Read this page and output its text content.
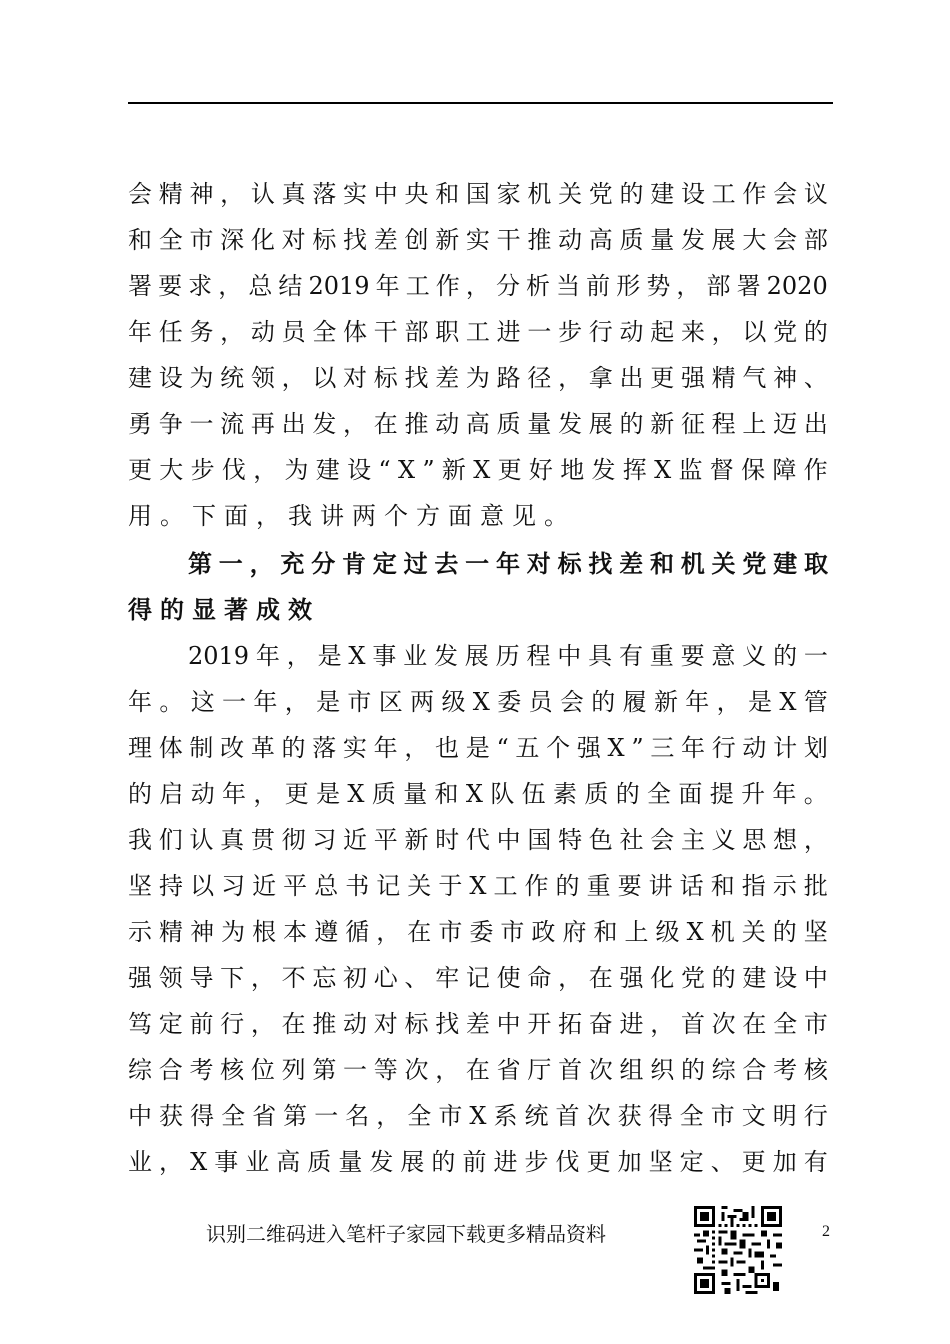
会 精 神 ， 认 真 落 实 中 央 和 国 家 机 关 党 的 建 设 工 作 会 议
和 全 市 深 化 对 标 找 差 创 新 实 干 推 动 高 质 量 发 展 大 会 部
署 要 求 ， 总 结 2019 年 工 作 ， 分 析 当 前 形 势 ， 部 署 2020
年 任 务 ， 动 员 全 体 干 部 职 工 进 一 步 行 动 起 来 ， 以 党 的
建 设 为 统 领 ， 以 对 标 找 差 为 路 径 ， 拿 出 更 强 精 气 神 、
勇 争 一 流 再 出 发 ， 在 推 动 高 质 量 发 展 的 新 征 程 上 迈 出
更 大 步 伐 ， 为 建 设 “ X ” 新 X 更 好 地 发 挥 X 监 督 保 障 作
用。下面，我讲两个方面意见。
第 一 ， 充 分 肯 定 过 去 一 年 对 标 找 差 和 机 关 党 建 取
得的显著成效
2019 年 ， 是 X 事 业 发 展 历 程 中 具 有 重 要 意 义 的 一
年 。 这 一 年 ， 是 市 区 两 级 X 委 员 会 的 履 新 年 ， 是 X 管
理 体 制 改 革 的 落 实 年 ， 也 是 “ 五 个 强 X ” 三 年 行 动 计 划
的 启 动 年 ， 更 是 X 质 量 和 X 队 伍 素 质 的 全 面 提 升 年 。
我 们 认 真 贯 彻 习 近 平 新 时 代 中 国 特 色 社 会 主 义 思 想 ，
坚 持 以 习 近 平 总 书 记 关 于 X 工 作 的 重 要 讲 话 和 指 示 批
示 精 神 为 根 本 遵 循 ， 在 市 委 市 政 府 和 上 级 X 机 关 的 坚
强 领 导 下 ， 不 忘 初 心 、 牢 记 使 命 ， 在 强 化 党 的 建 设 中
笃 定 前 行 ， 在 推 动 对 标 找 差 中 开 拓 奋 进 ， 首 次 在 全 市
综 合 考 核 位 列 第 一 等 次 ， 在 省 厅 首 次 组 织 的 综 合 考 核
中 获 得 全 省 第 一 名 ， 全 市 X 系 统 首 次 获 得 全 市 文 明 行
业 ， X 事 业 高 质 量 发 展 的 前 进 步 伐 更 加 坚 定 、 更 加 有
识别二维码进入笔杆子家园下载更多精品资料	2
